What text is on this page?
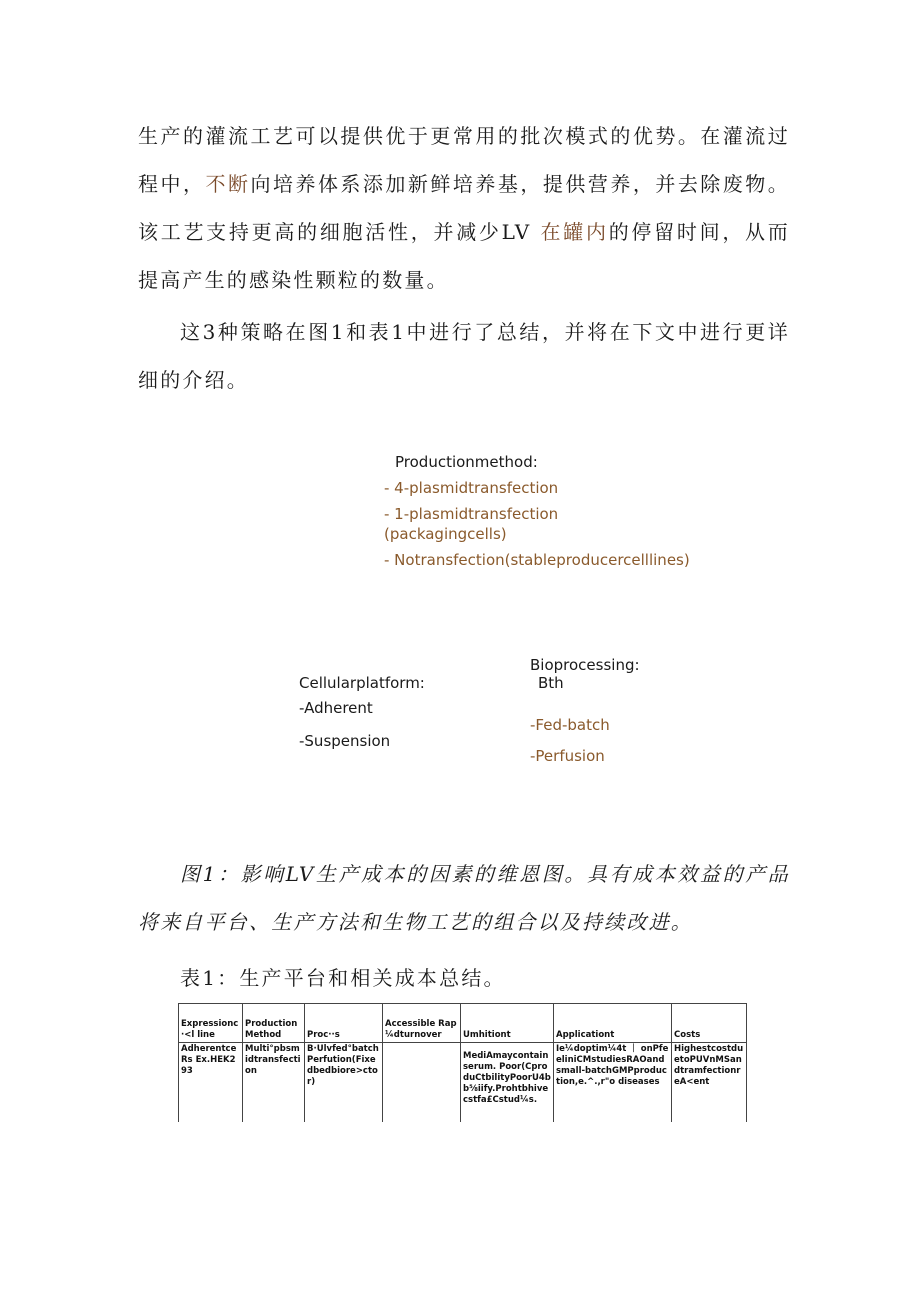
生产的灌流工艺可以提供优于更常用的批次模式的优势。在灌流过程中，不断向培养体系添加新鲜培养基，提供营养，并去除废物。该工艺支持更高的细胞活性，并减少LV 在罐内的停留时间，从而提高产生的感染性颗粒的数量。

这3种策略在图1和表1中进行了总结，并将在下文中进行更详细的介绍。

Productionmethod:
- 4-plasmidtransfection
- 1-plasmidtransfection
(packagingcells)
- Notransfection(stableproducercelllines)
Cellularplatform:
-Adherent
-Suspension
Bioprocessing:
Bth
-Fed-batch
-Perfusion

图1：影响LV生产成本的因素的维恩图。具有成本效益的产品将来自平台、生产方法和生物工艺的组合以及持续改进。

表1：生产平台和相关成本总结。

Expressionc·<l line	ProductionMethod	Proc··s	Accessible Rap¼dturnover	Umhitiont	Applicationt	Costs
AdherentceRs Ex.HEK293	Multi°pbsmidtransfection	B·Ulvfed°batchPerfution(Fixedbedbiore>ctor)		MediAmaycontainserum. Poor(CproduCtbilityPoorU4bb⅝iify.Prohtbhivecstfa£Cstud¼s.	Ie¼doptim¼4t ｜ onPfeeliniCMstudiesRAOandsmall-batchGMPproduction,e.^.,r"o diseases	HighestcostduetoPUVnMSandtramfectionreA<ent
